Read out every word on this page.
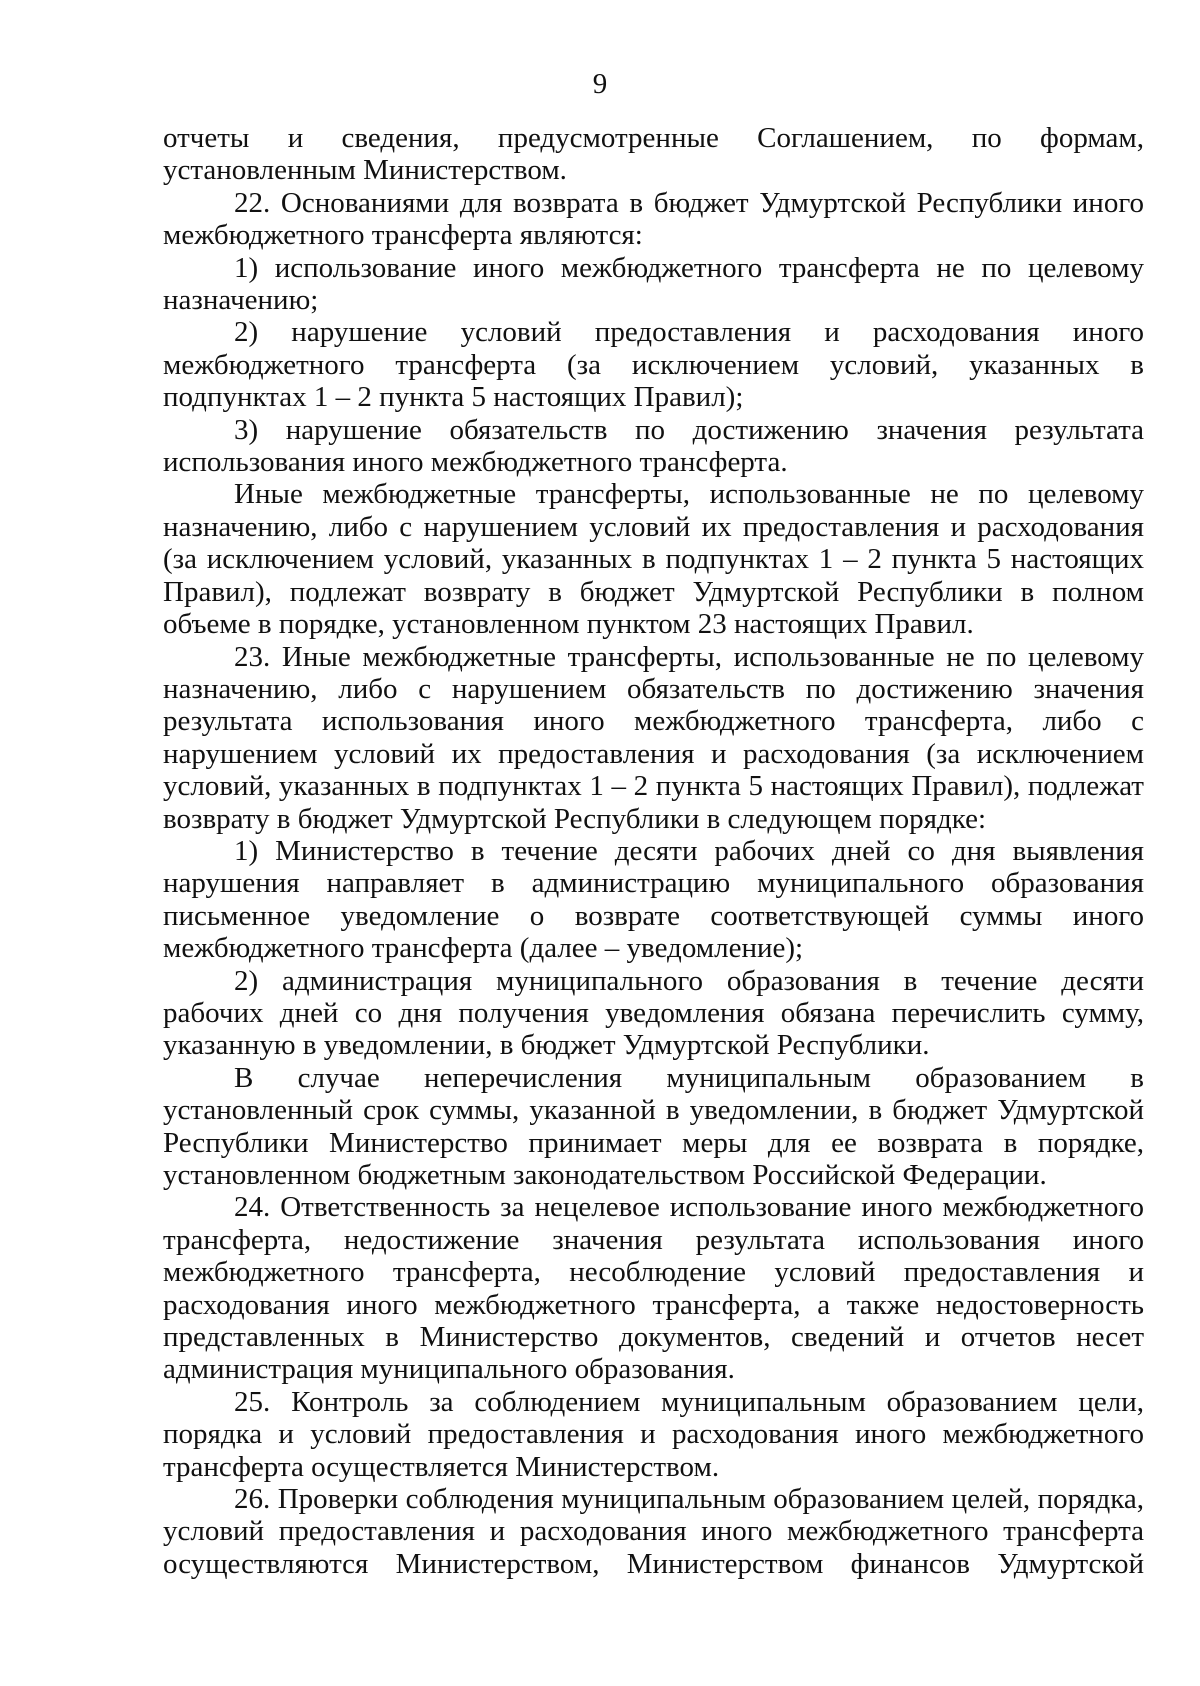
9

отчеты и сведения, предусмотренные Соглашением, по формам, установленным Министерством.

22. Основаниями для возврата в бюджет Удмуртской Республики иного межбюджетного трансферта являются:

1) использование иного межбюджетного трансферта не по целевому назначению;

2) нарушение условий предоставления и расходования иного межбюджетного трансферта (за исключением условий, указанных в подпунктах 1 – 2 пункта 5 настоящих Правил);

3) нарушение обязательств по достижению значения результата использования иного межбюджетного трансферта.

Иные межбюджетные трансферты, использованные не по целевому назначению, либо с нарушением условий их предоставления и расходования (за исключением условий, указанных в подпунктах 1 – 2 пункта 5 настоящих Правил), подлежат возврату в бюджет Удмуртской Республики в полном объеме в порядке, установленном пунктом 23 настоящих Правил.

23. Иные межбюджетные трансферты, использованные не по целевому назначению, либо с нарушением обязательств по достижению значения результата использования иного межбюджетного трансферта, либо с нарушением условий их предоставления и расходования (за исключением условий, указанных в подпунктах 1 – 2 пункта 5 настоящих Правил), подлежат возврату в бюджет Удмуртской Республики в следующем порядке:

1) Министерство в течение десяти рабочих дней со дня выявления нарушения направляет в администрацию муниципального образования письменное уведомление о возврате соответствующей суммы иного межбюджетного трансферта (далее – уведомление);

2) администрация муниципального образования в течение десяти рабочих дней со дня получения уведомления обязана перечислить сумму, указанную в уведомлении, в бюджет Удмуртской Республики.

В случае неперечисления муниципальным образованием в установленный срок суммы, указанной в уведомлении, в бюджет Удмуртской Республики Министерство принимает меры для ее возврата в порядке, установленном бюджетным законодательством Российской Федерации.

24. Ответственность за нецелевое использование иного межбюджетного трансферта, недостижение значения результата использования иного межбюджетного трансферта, несоблюдение условий предоставления и расходования иного межбюджетного трансферта, а также недостоверность представленных в Министерство документов, сведений и отчетов несет администрация муниципального образования.

25. Контроль за соблюдением муниципальным образованием цели, порядка и условий предоставления и расходования иного межбюджетного трансферта осуществляется Министерством.

26. Проверки соблюдения муниципальным образованием целей, порядка, условий предоставления и расходования иного межбюджетного трансферта осуществляются Министерством, Министерством финансов Удмуртской
